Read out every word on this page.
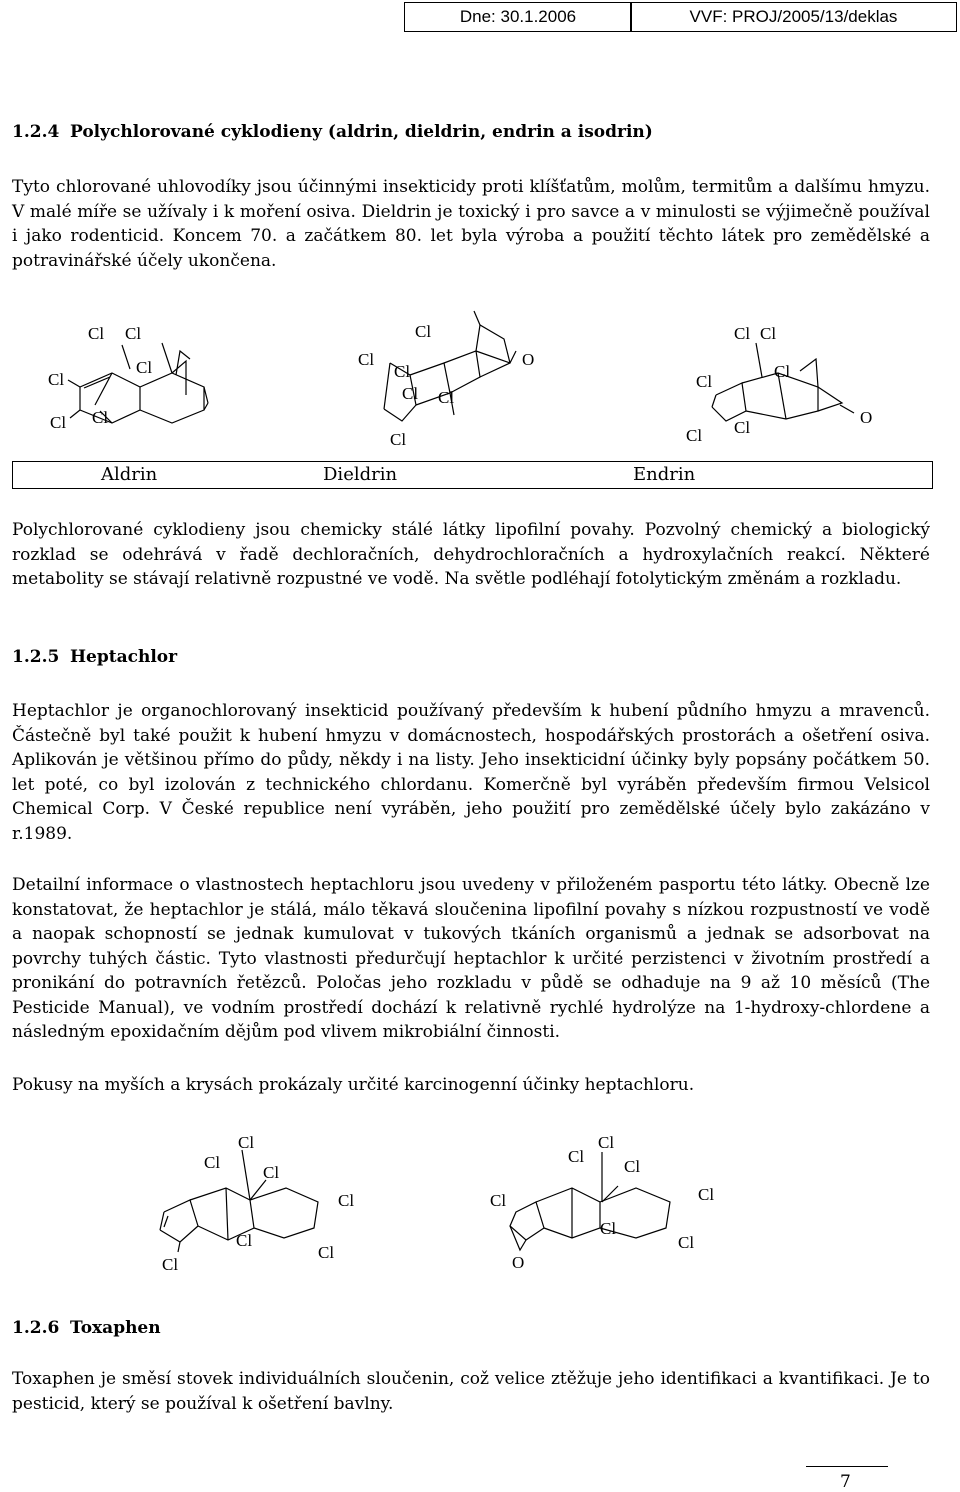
Dne: 30.1.2006	VVF: PROJ/2005/13/deklas
1.2.4 Polychlorované cyklodieny (aldrin, dieldrin, endrin a isodrin)

Tyto chlorované uhlovodíky jsou účinnými insekticidy proti klíšťatům, molům, termitům a dalšímu hmyzu. V malé míře se užívaly i k moření osiva. Dieldrin je toxický i pro savce a v minulosti se výjimečně používal i jako rodenticid. Koncem 70. a začátkem 80. let byla výroba a použití těchto látek pro zemědělské a potravinářské účely ukončena.

Cl Cl
Cl
Cl
Cl Cl
Cl
Cl
Cl
Cl Cl
Cl
O
Cl Cl
Cl
Cl
Cl Cl
O
Aldrin	Dieldrin	Endrin

Polychlorované cyklodieny jsou chemicky stálé látky lipofilní povahy. Pozvolný chemický a biologický rozklad se odehrává v řadě dechloračních, dehydrochloračních a hydroxylačních reakcí. Některé metabolity se stávají relativně rozpustné ve vodě. Na světle podléhají fotolytickým změnám a rozkladu.

1.2.5 Heptachlor

Heptachlor je organochlorovaný insekticid používaný především k hubení půdního hmyzu a mravenců. Částečně byl také použit k hubení hmyzu v domácnostech, hospodářských prostorách a ošetření osiva. Aplikován je většinou přímo do půdy, někdy i na listy. Jeho insekticidní účinky byly popsány počátkem 50. let poté, co byl izolován z technického chlordanu. Komerčně byl vyráběn především firmou Velsicol Chemical Corp. V České republice není vyráběn, jeho použití pro zemědělské účely bylo zakázáno v r.1989.

Detailní informace o vlastnostech heptachloru jsou uvedeny v přiloženém pasportu této látky. Obecně lze konstatovat, že heptachlor je stálá, málo těkavá sloučenina lipofilní povahy s nízkou rozpustností ve vodě a naopak schopností se jednak kumulovat v tukových tkáních organismů a jednak se adsorbovat na povrchy tuhých částic. Tyto vlastnosti předurčují heptachlor k určité perzistenci v životním prostředí a pronikání do potravních řetězců. Poločas jeho rozkladu v půdě se odhaduje na 9 až 10 měsíců (The Pesticide Manual), ve vodním prostředí dochází k relativně rychlé hydrolýze na 1-hydroxy-chlordene a následným epoxidačním dějům pod vlivem mikrobiální činnosti.

Pokusy na myších a krysách prokázaly určité karcinogenní účinky heptachloru.

Cl
Cl
Cl
Cl
Cl
Cl
Cl
Cl
Cl
Cl
Cl	Cl
Cl
Cl
O
1.2.6 Toxaphen

Toxaphen je směsí stovek individuálních sloučenin, což velice ztěžuje jeho identifikaci a kvantifikaci. Je to pesticid, který se používal k ošetření bavlny.

7
